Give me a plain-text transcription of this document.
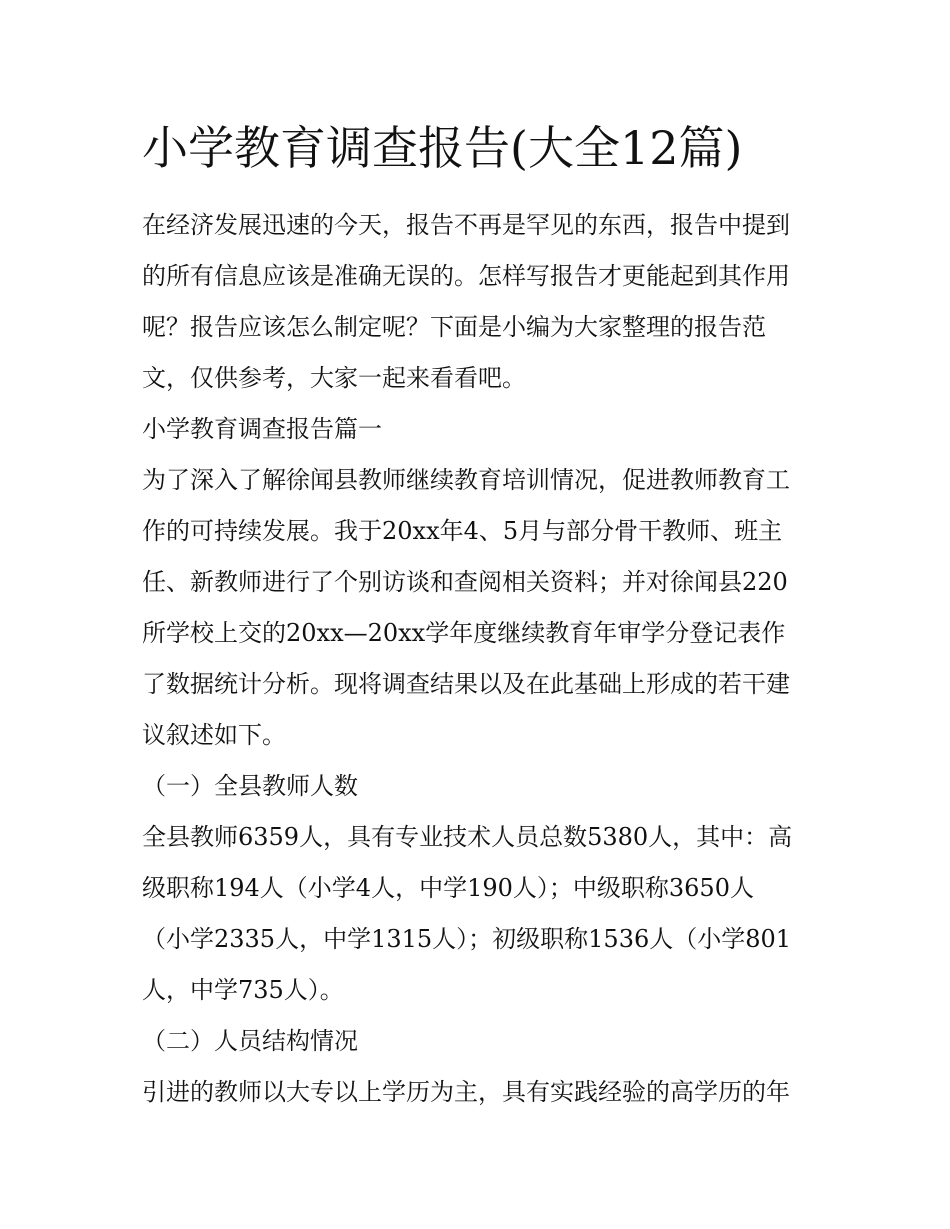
小学教育调查报告(大全12篇)
在经济发展迅速的今天，报告不再是罕见的东西，报告中提到
的所有信息应该是准确无误的。怎样写报告才更能起到其作用
呢？报告应该怎么制定呢？下面是小编为大家整理的报告范
文，仅供参考，大家一起来看看吧。
小学教育调查报告篇一
为了深入了解徐闻县教师继续教育培训情况，促进教师教育工
作的可持续发展。我于20xx年4、5月与部分骨干教师、班主
任、新教师进行了个别访谈和查阅相关资料；并对徐闻县220
所学校上交的20xx—20xx学年度继续教育年审学分登记表作
了数据统计分析。现将调查结果以及在此基础上形成的若干建
议叙述如下。
（一）全县教师人数
全县教师6359人，具有专业技术人员总数5380人，其中：高
级职称194人（小学4人，中学190人）；中级职称3650人
（小学2335人，中学1315人）；初级职称1536人（小学801
人，中学735人）。
（二）人员结构情况
引进的教师以大专以上学历为主，具有实践经验的高学历的年
